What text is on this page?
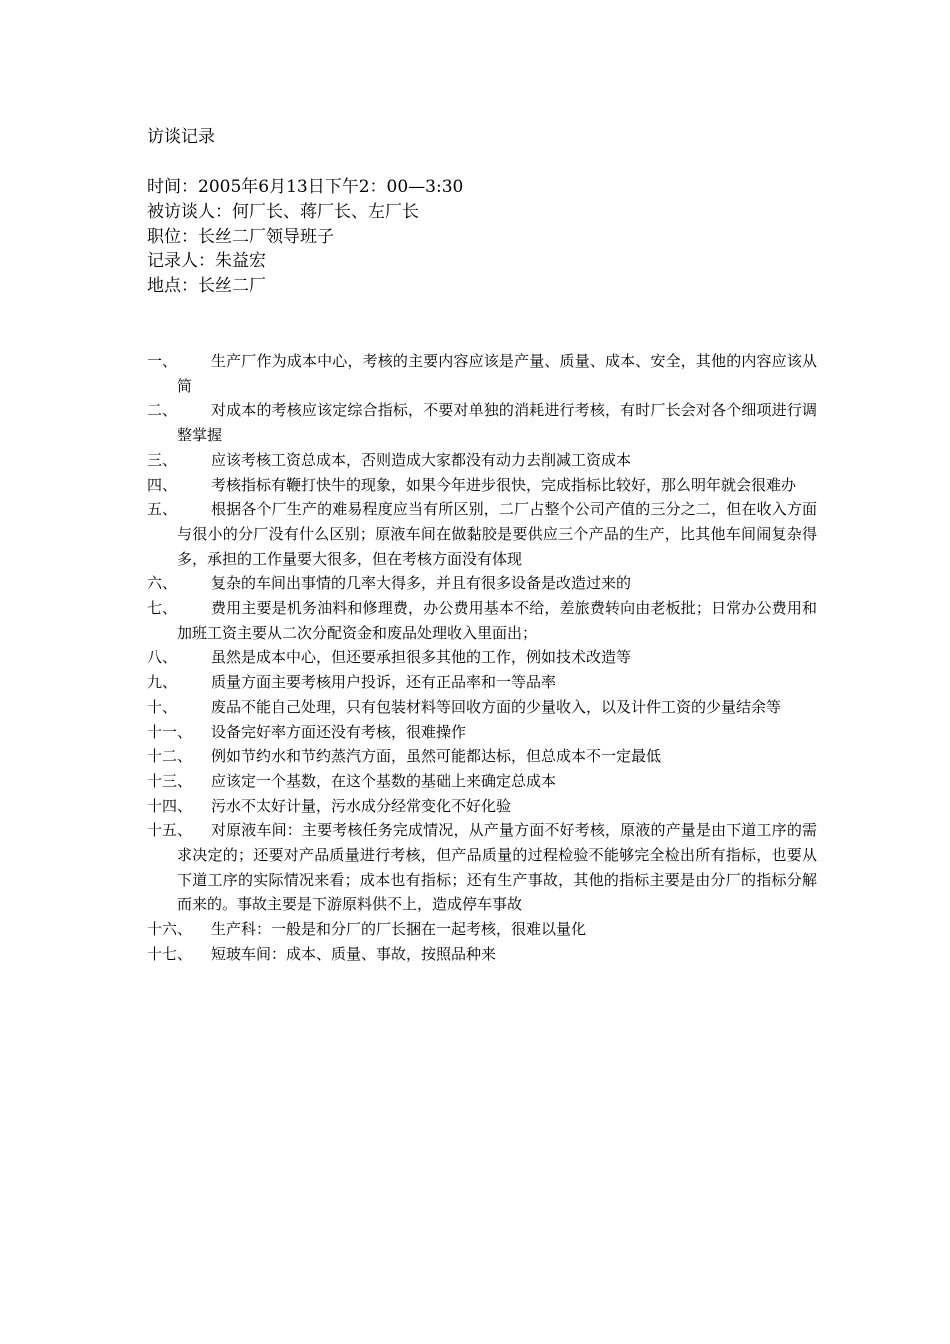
访谈记录
时间：2005年6月13日下午2：00—3:30
被访谈人：何厂长、蒋厂长、左厂长
职位：长丝二厂领导班子
记录人：朱益宏
地点：长丝二厂
一、	生产厂作为成本中心，考核的主要内容应该是产量、质量、成本、安全，其他的内容应该从简
二、	对成本的考核应该定综合指标，不要对单独的消耗进行考核，有时厂长会对各个细项进行调整掌握
三、	应该考核工资总成本，否则造成大家都没有动力去削减工资成本
四、	考核指标有鞭打快牛的现象，如果今年进步很快，完成指标比较好，那么明年就会很难办
五、	根据各个厂生产的难易程度应当有所区别，二厂占整个公司产值的三分之二，但在收入方面与很小的分厂没有什么区别；原液车间在做黏胶是要供应三个产品的生产，比其他车间闹复杂得多，承担的工作量要大很多，但在考核方面没有体现
六、	复杂的车间出事情的几率大得多，并且有很多设备是改造过来的
七、	费用主要是机务油料和修理费，办公费用基本不给，差旅费转向由老板批；日常办公费用和加班工资主要从二次分配资金和废品处理收入里面出；
八、	虽然是成本中心，但还要承担很多其他的工作，例如技术改造等
九、	质量方面主要考核用户投诉，还有正品率和一等品率
十、	废品不能自己处理，只有包装材料等回收方面的少量收入，以及计件工资的少量结余等
十一、	设备完好率方面还没有考核，很难操作
十二、	例如节约水和节约蒸汽方面，虽然可能都达标，但总成本不一定最低
十三、	应该定一个基数，在这个基数的基础上来确定总成本
十四、	污水不太好计量，污水成分经常变化不好化验
十五、	对原液车间：主要考核任务完成情况，从产量方面不好考核，原液的产量是由下道工序的需求决定的；还要对产品质量进行考核，但产品质量的过程检验不能够完全检出所有指标，也要从下道工序的实际情况来看；成本也有指标；还有生产事故，其他的指标主要是由分厂的指标分解而来的。事故主要是下游原料供不上，造成停车事故
十六、	生产科：一般是和分厂的厂长捆在一起考核，很难以量化
十七、	短玻车间：成本、质量、事故，按照品种来
